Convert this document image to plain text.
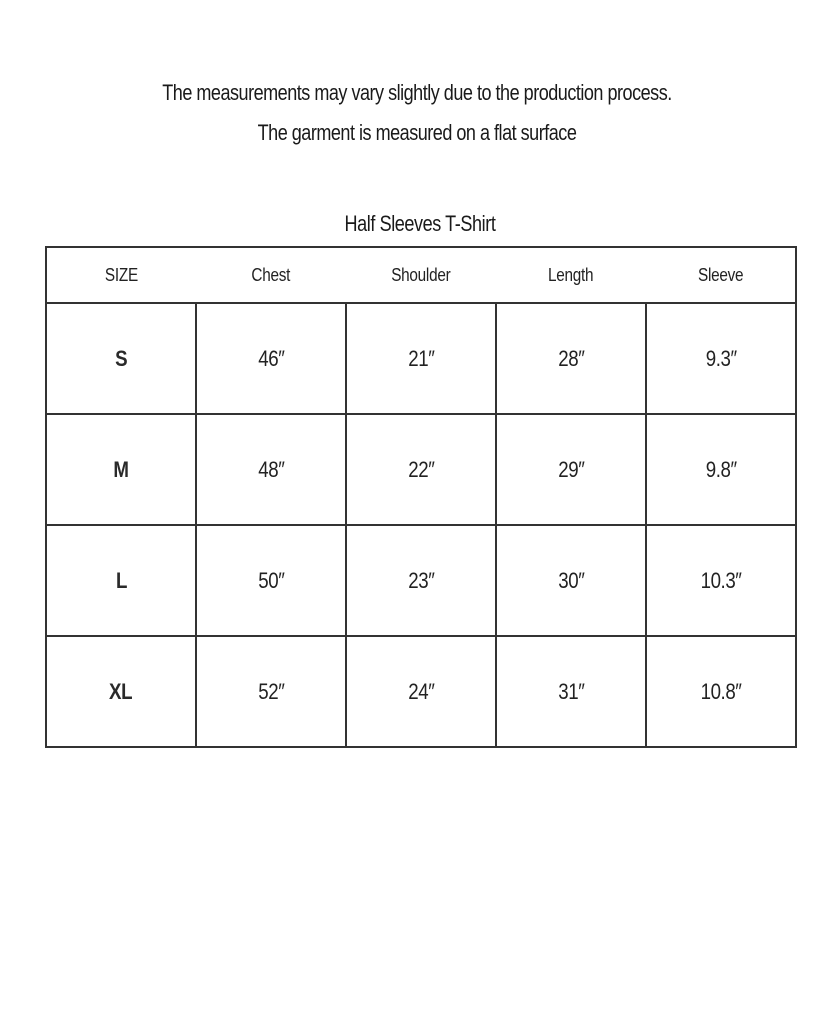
The measurements may vary slightly due to the production process.
The garment is measured on a flat surface
Half Sleeves T-Shirt
SIZE	Chest	Shoulder	Length	Sleeve
S	46″	21″	28″	9.3″
M	48″	22″	29″	9.8″
L	50″	23″	30″	10.3″
XL	52″	24″	31″	10.8″
